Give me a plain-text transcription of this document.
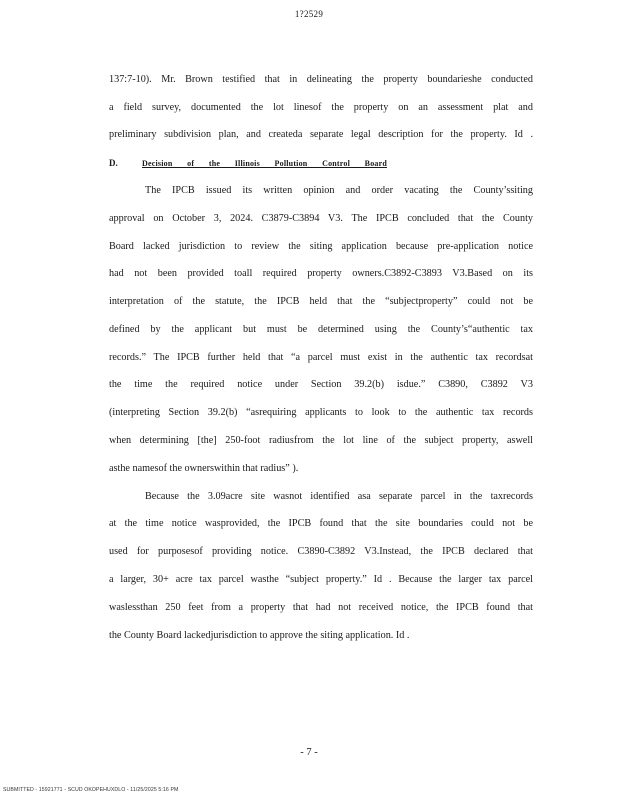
1?2529
137:7-10). Mr. Brown testified that in delineating the property boundarieshe conducted
a field survey, documented the lot linesof the property on an assessment plat and
preliminary subdivision plan, and createda separate legal description for the property. Id .
D.	Decision of the Illinois Pollution Control Board
The IPCB issued its written opinion and order vacating the County’ssiting
approval on October 3, 2024. C3879-C3894 V3. The IPCB concluded that the County
Board lacked jurisdiction to review the siting application because pre-application notice
had not been provided toall required property owners.C3892-C3893 V3.Based on its
interpretation of the statute, the IPCB held that the “subjectproperty” could not be
defined by the applicant but must be determined using the County’s“authentic tax
records.” The IPCB further held that “a parcel must exist in the authentic tax recordsat
the time the required notice under Section 39.2(b) isdue.” C3890, C3892 V3
(interpreting Section 39.2(b) “asrequiring applicants to look to the authentic tax records
when determining [the] 250-foot radiusfrom the lot line of the subject property, aswell
asthe namesof the ownerswithin that radius” ).
Because the 3.09acre site wasnot identified asa separate parcel in the taxrecords
at the time notice wasprovided, the IPCB found that the site boundaries could not be
used for purposesof providing notice. C3890-C3892 V3.Instead, the IPCB declared that
a larger, 30+ acre tax parcel wasthe “subject property.” Id . Because the larger tax parcel
waslessthan 250 feet from a property that had not received notice, the IPCB found that
the County Board lackedjurisdiction to approve the siting application. Id .
- 7 -
SUBMITTED - 15921771 - SCUD OKOPEHUXDLO - 11/25/2025 5:16 PM
